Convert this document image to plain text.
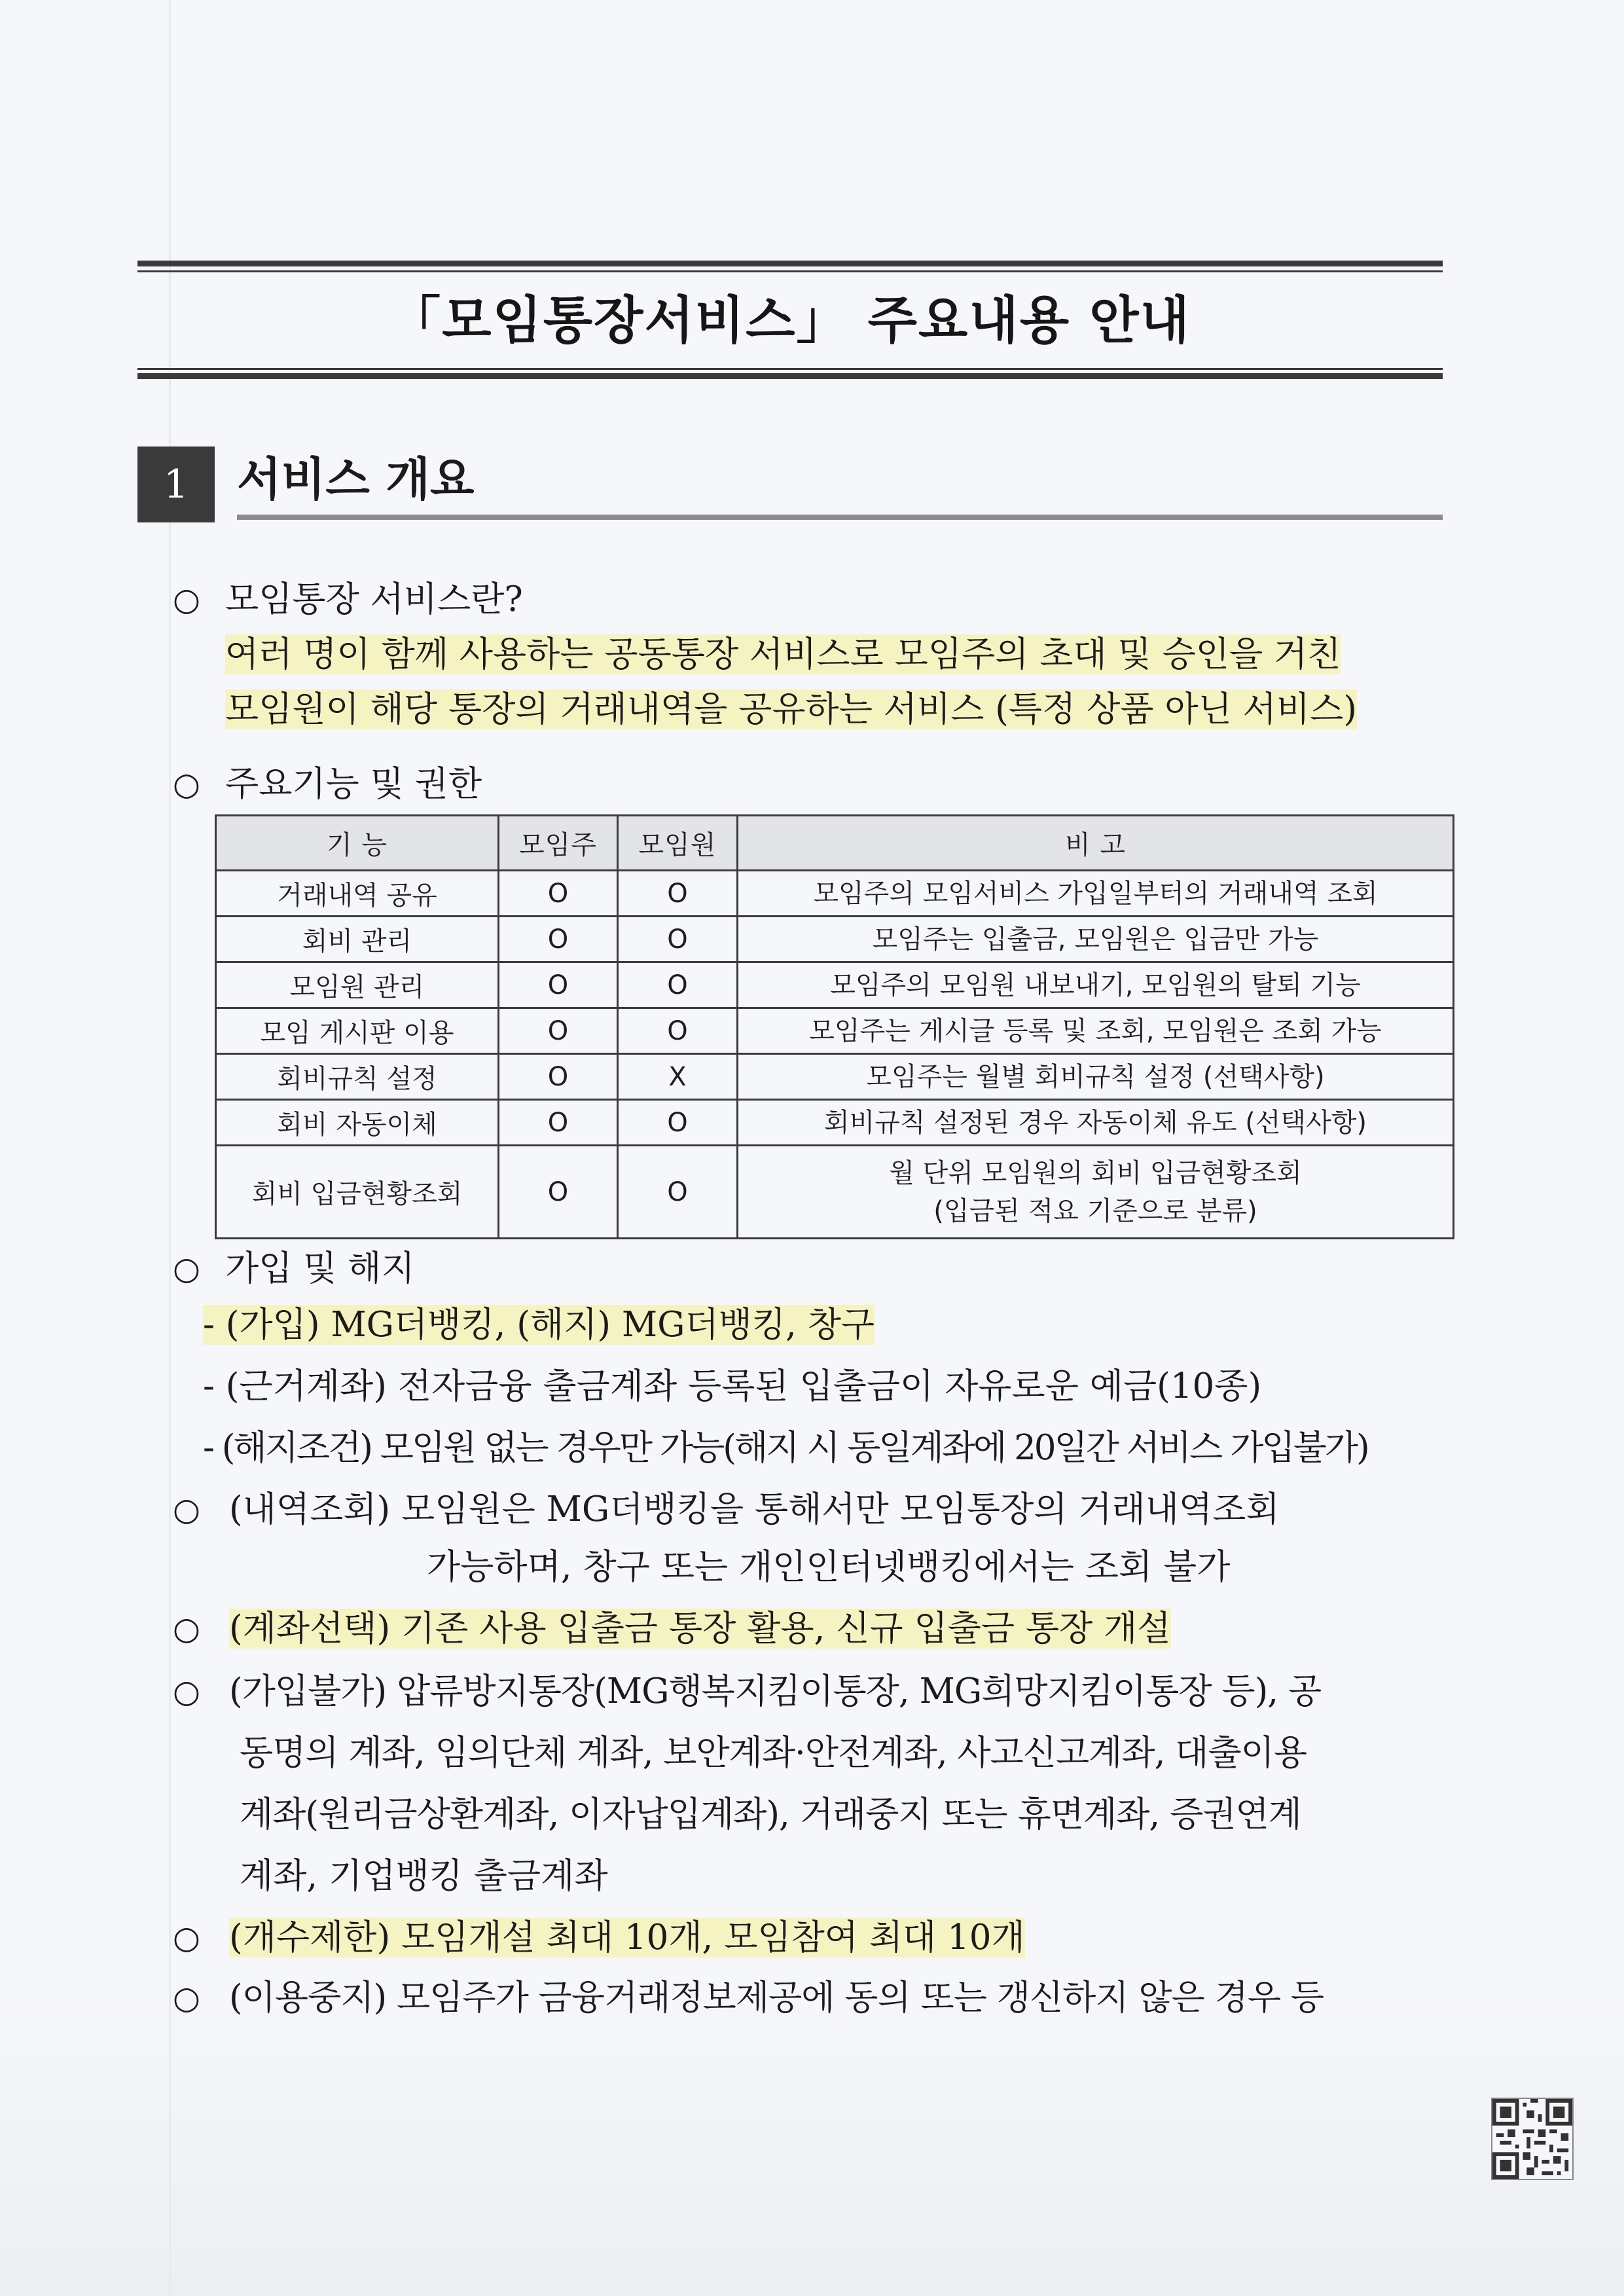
「모임통장서비스」 주요내용 안내
1	서비스 개요
○ 모임통장 서비스란?
여러 명이 함께 사용하는 공동통장 서비스로 모임주의 초대 및 승인을 거친
모임원이 해당 통장의 거래내역을 공유하는 서비스 (특정 상품 아닌 서비스)
○ 주요기능 및 권한
기 능	모임주	모임원	비 고
거래내역 공유	O	O	모임주의 모임서비스 가입일부터의 거래내역 조회
회비 관리	O	O	모임주는 입출금, 모임원은 입금만 가능
모임원 관리	O	O	모임주의 모임원 내보내기, 모임원의 탈퇴 기능
모임 게시판 이용	O	O	모임주는 게시글 등록 및 조회, 모임원은 조회 가능
회비규칙 설정	O	X	모임주는 월별 회비규칙 설정 (선택사항)
회비 자동이체	O	O	회비규칙 설정된 경우 자동이체 유도 (선택사항)
회비 입금현황조회	O	O	월 단위 모임원의 회비 입금현황조회
(입금된 적요 기준으로 분류)
○ 가입 및 해지
- (가입) MG더뱅킹, (해지) MG더뱅킹, 창구
- (근거계좌) 전자금융 출금계좌 등록된 입출금이 자유로운 예금(10종)
- (해지조건) 모임원 없는 경우만 가능(해지 시 동일계좌에 20일간 서비스 가입불가)
○ (내역조회) 모임원은 MG더뱅킹을 통해서만 모임통장의 거래내역조회
가능하며, 창구 또는 개인인터넷뱅킹에서는 조회 불가
○ (계좌선택) 기존 사용 입출금 통장 활용, 신규 입출금 통장 개설
○ (가입불가) 압류방지통장(MG행복지킴이통장, MG희망지킴이통장 등), 공
동명의 계좌, 임의단체 계좌, 보안계좌·안전계좌, 사고신고계좌, 대출이용
계좌(원리금상환계좌, 이자납입계좌), 거래중지 또는 휴면계좌, 증권연계
계좌, 기업뱅킹 출금계좌
○ (개수제한) 모임개설 최대 10개, 모임참여 최대 10개
○ (이용중지) 모임주가 금융거래정보제공에 동의 또는 갱신하지 않은 경우 등
